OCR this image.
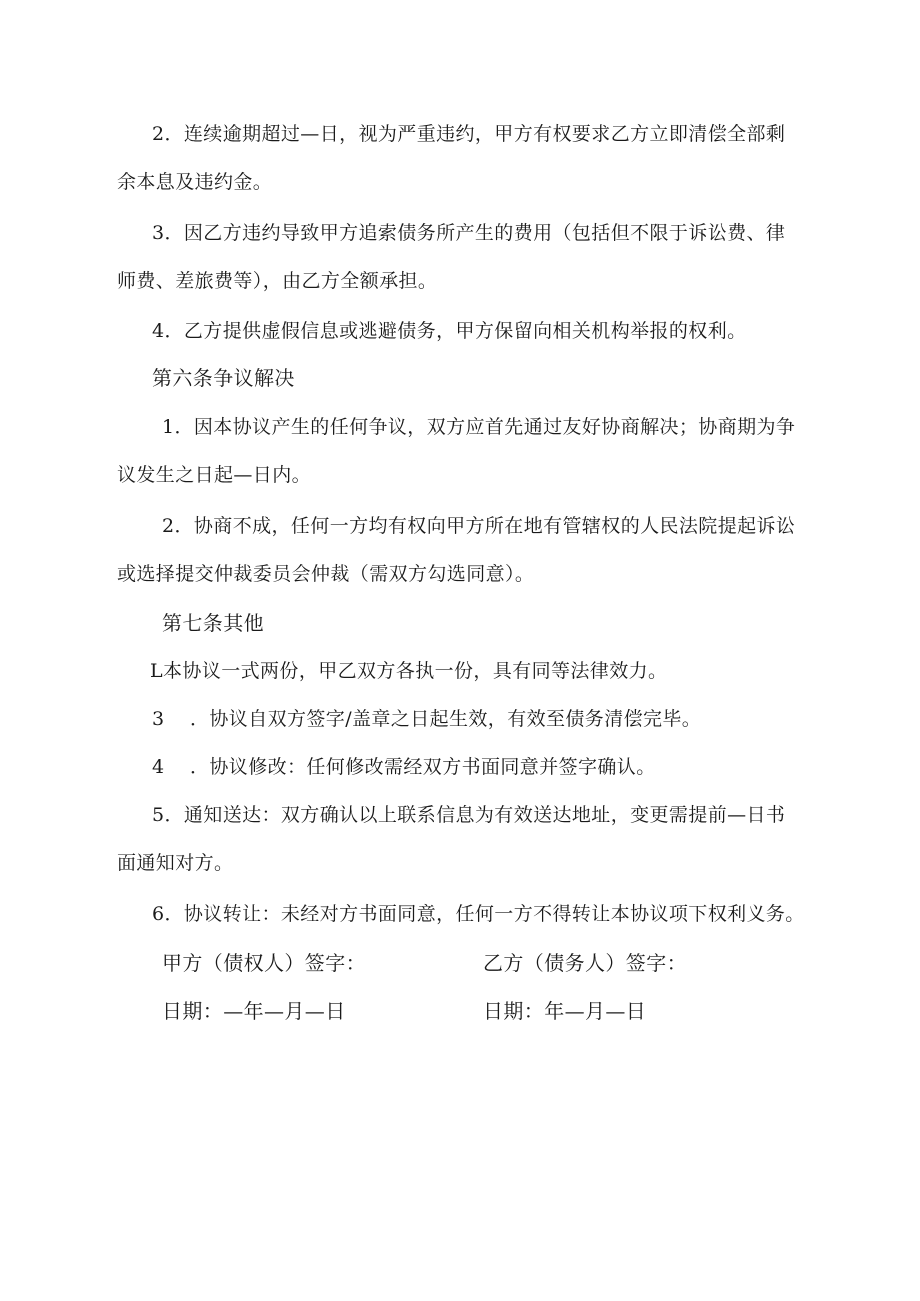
2．连续逾期超过—日，视为严重违约，甲方有权要求乙方立即清偿全部剩
余本息及违约金。
3．因乙方违约导致甲方追索债务所产生的费用（包括但不限于诉讼费、律
师费、差旅费等），由乙方全额承担。
4．乙方提供虚假信息或逃避债务，甲方保留向相关机构举报的权利。
第六条争议解决
1．因本协议产生的任何争议，双方应首先通过友好协商解决；协商期为争
议发生之日起—日内。
2．协商不成，任何一方均有权向甲方所在地有管辖权的人民法院提起诉讼
或选择提交仲裁委员会仲裁（需双方勾选同意）。
第七条其他
L本协议一式两份，甲乙双方各执一份，具有同等法律效力。
3 ．协议自双方签字/盖章之日起生效，有效至债务清偿完毕。
4 ．协议修改：任何修改需经双方书面同意并签字确认。
5．通知送达：双方确认以上联系信息为有效送达地址，变更需提前—日书
面通知对方。
6．协议转让：未经对方书面同意，任何一方不得转让本协议项下权利义务。
甲方（债权人）签字：	乙方（债务人）签字：
日期：—年—月—日	日期：年—月—日
